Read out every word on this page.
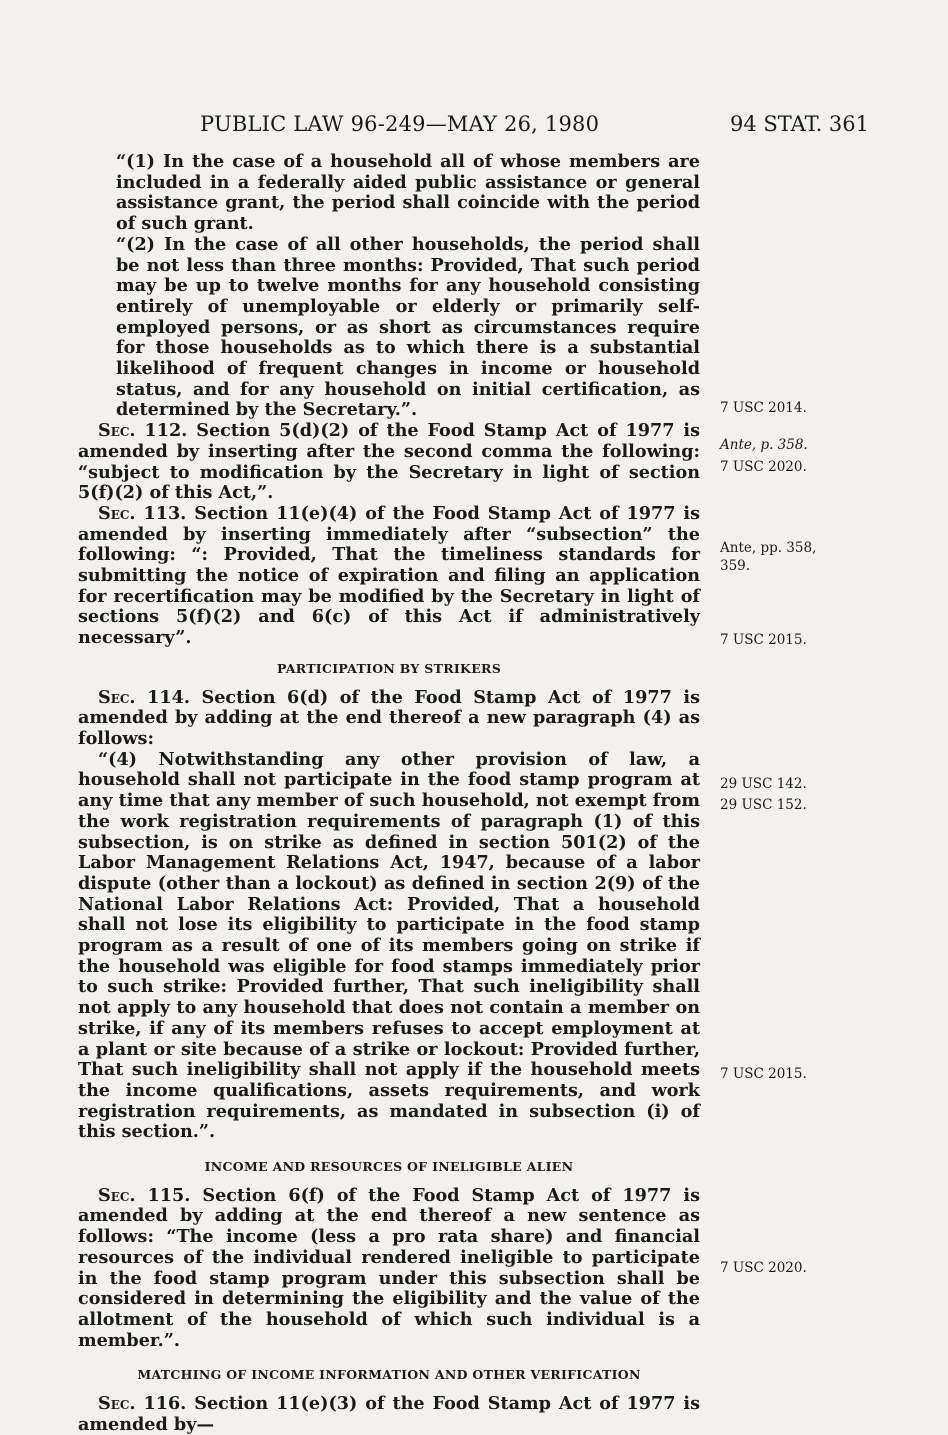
PUBLIC LAW 96-249—MAY 26, 1980	94 STAT. 361

“(1) In the case of a household all of whose members are included in a federally aided public assistance or general assistance grant, the period shall coincide with the period of such grant.

“(2) In the case of all other households, the period shall be not less than three months: Provided, That such period may be up to twelve months for any household consisting entirely of unemployable or elderly or primarily self-employed persons, or as short as circumstances require for those households as to which there is a substantial likelihood of frequent changes in income or household status, and for any household on initial certification, as determined by the Secretary.”.

Sec. 112. Section 5(d)(2) of the Food Stamp Act of 1977 is amended by inserting after the second comma the following: “subject to modification by the Secretary in light of section 5(f)(2) of this Act,”.

Sec. 113. Section 11(e)(4) of the Food Stamp Act of 1977 is amended by inserting immediately after “subsection” the following: “: Provided, That the timeliness standards for submitting the notice of expiration and filing an application for recertification may be modified by the Secretary in light of sections 5(f)(2) and 6(c) of this Act if administratively necessary”.

PARTICIPATION BY STRIKERS

Sec. 114. Section 6(d) of the Food Stamp Act of 1977 is amended by adding at the end thereof a new paragraph (4) as follows:

“(4) Notwithstanding any other provision of law, a household shall not participate in the food stamp program at any time that any member of such household, not exempt from the work registration requirements of paragraph (1) of this subsection, is on strike as defined in section 501(2) of the Labor Management Relations Act, 1947, because of a labor dispute (other than a lockout) as defined in section 2(9) of the National Labor Relations Act: Provided, That a household shall not lose its eligibility to participate in the food stamp program as a result of one of its members going on strike if the household was eligible for food stamps immediately prior to such strike: Provided further, That such ineligibility shall not apply to any household that does not contain a member on strike, if any of its members refuses to accept employment at a plant or site because of a strike or lockout: Provided further, That such ineligibility shall not apply if the household meets the income qualifications, assets requirements, and work registration requirements, as mandated in subsection (i) of this section.”.

INCOME AND RESOURCES OF INELIGIBLE ALIEN

Sec. 115. Section 6(f) of the Food Stamp Act of 1977 is amended by adding at the end thereof a new sentence as follows: “The income (less a pro rata share) and financial resources of the individual rendered ineligible to participate in the food stamp program under this subsection shall be considered in determining the eligibility and the value of the allotment of the household of which such individual is a member.”.

MATCHING OF INCOME INFORMATION AND OTHER VERIFICATION

Sec. 116. Section 11(e)(3) of the Food Stamp Act of 1977 is amended by—

7 USC 2014.
Ante, p. 358.
7 USC 2020.
Ante, pp. 358,
359.
7 USC 2015.
29 USC 142.
29 USC 152.
7 USC 2015.
7 USC 2020.
